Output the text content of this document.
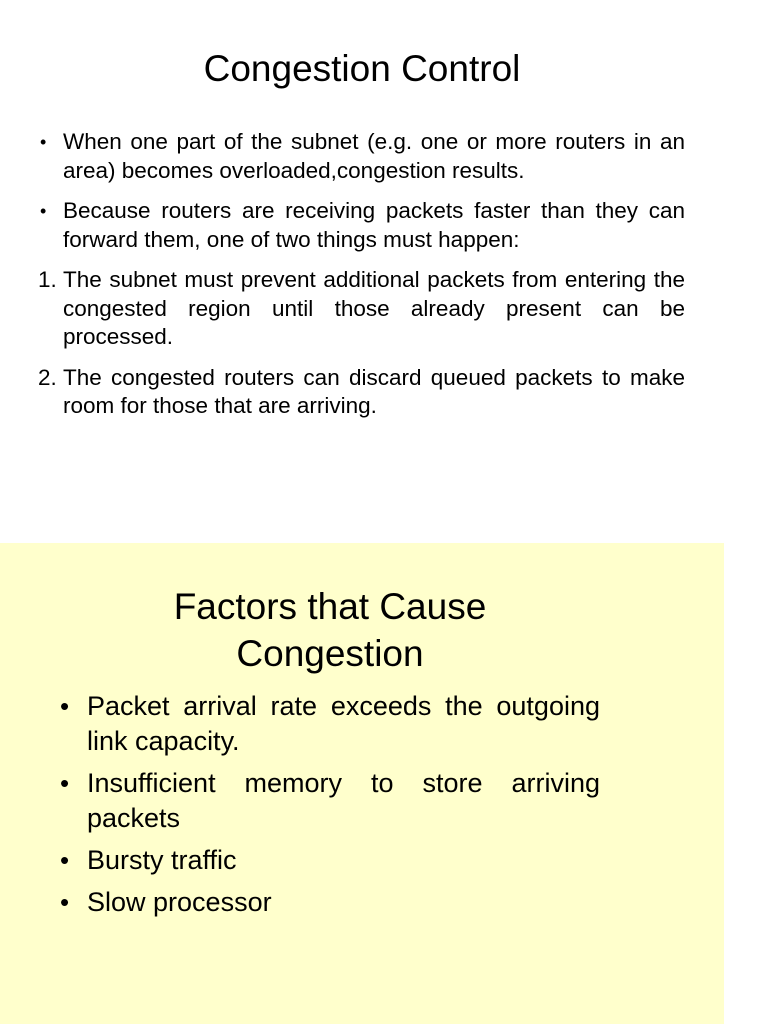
Congestion Control
• When one part of the subnet (e.g. one or more routers in an area) becomes overloaded,congestion results.
• Because routers are receiving packets faster than they can forward them, one of two things must happen:
1. The subnet must prevent additional packets from entering the congested region until those already present can be processed.
2. The congested routers can discard queued packets to make room for those that are arriving.
Factors that Cause
Congestion
• Packet arrival rate exceeds the outgoing link capacity.
• Insufficient memory to store arriving packets
• Bursty traffic
• Slow processor
